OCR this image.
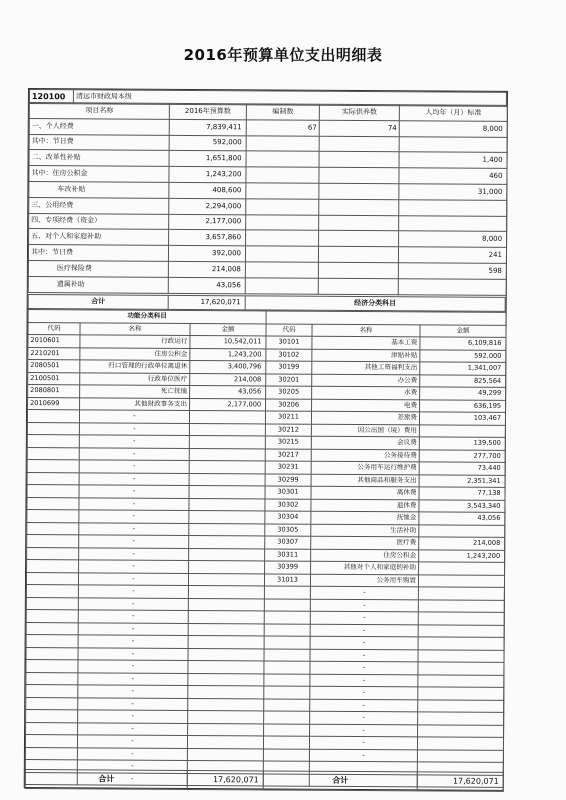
2016年预算单位支出明细表
120100	清远市财政局本级
项目名称	2016年预算数	编制数	实际供养数	人均年（月）标准
一、个人经费	7,839,411	67	74	8,000
其中：节日费	592,000			
二、改革性补贴	1,651,800			1,400
其中：住房公积金	1,243,200			460
车改补贴	408,600			31,000
三、公用经费	2,294,000			
四、专项经费（资金）	2,177,000			
五、对个人和家庭补助	3,657,860			8,000
其中：节日费	392,000			241
医疗保险费	214,008			598
遗属补助	43,056			
合计	17,620,071	经济分类科目
功能分类科目					
代码	名称	金额	代码	名称	金额
2010601	行政运行	10,542,011	30101	基本工资	6,109,816
2210201	住房公积金	1,243,200	30102	津贴补贴	592,000
2080501	归口管理的行政单位离退休	3,400,796	30199	其他工资福利支出	1,341,007
2100501	行政单位医疗	214,008	30201	办公费	825,564
2080801	死亡抚恤	43,056	30205	水费	49,299
2010699	其他财政事务支出	2,177,000	30206	电费	636,195
	-		30211	差旅费	103,467
	-		30212	因公出国（境）费用	
	-		30215	会议费	139,500
	-		30217	公务接待费	277,700
	-		30231	公务用车运行维护费	73,440
	-		30299	其他商品和服务支出	2,351,341
	-		30301	离休费	77,138
	-		30302	退休费	3,543,340
	-		30304	抚恤金	43,056
	-		30305	生活补助	
	-		30307	医疗费	214,008
	-		30311	住房公积金	1,243,200
	-		30399	其他对个人和家庭的补助	
	-		31013	公务用车购置	
	-			-	
	-			-	
	-			-	
	-			-	
	-			-	
	-			-	
	-			-	
	-			-	
	-			-	
	-			-	
	-			-	
	-			-	
	-			-	
	-			-	
	-				
	-				
合计	17,620,071	合计	17,620,071
